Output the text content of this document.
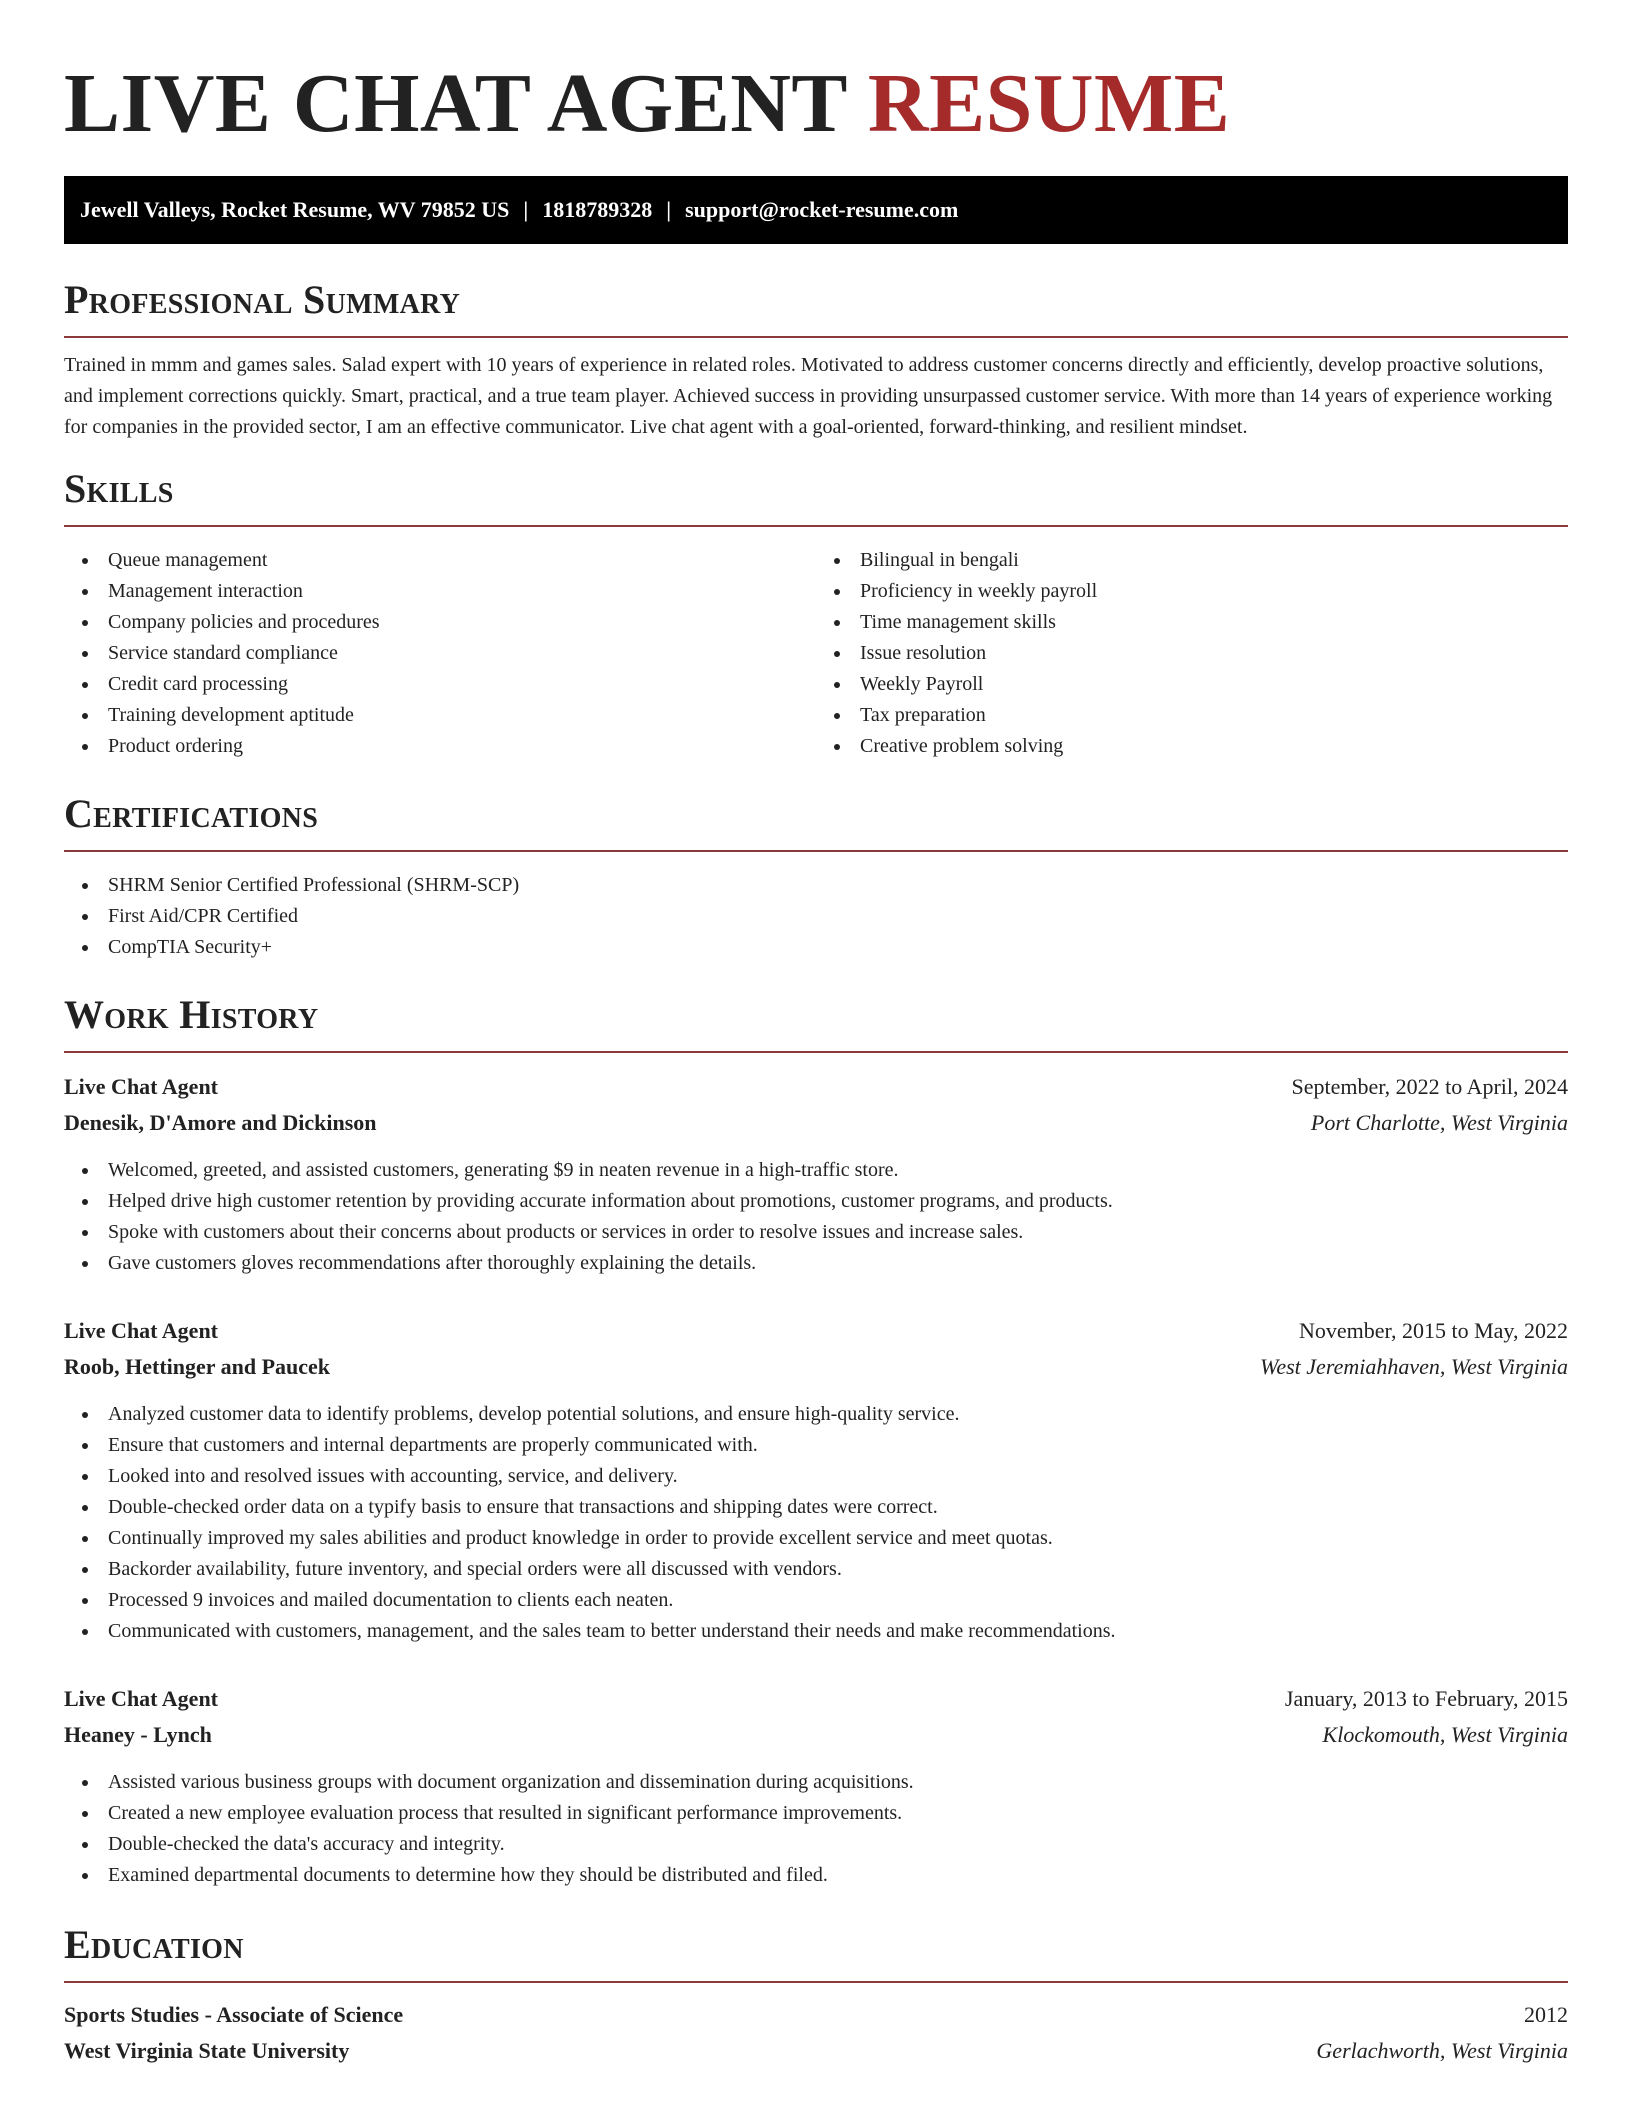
LIVE CHAT AGENT RESUME
Jewell Valleys, Rocket Resume, WV 79852 US | 1818789328 | support@rocket-resume.com
Professional Summary

Trained in mmm and games sales. Salad expert with 10 years of experience in related roles. Motivated to address customer concerns directly and efficiently, develop proactive solutions, and implement corrections quickly. Smart, practical, and a true team player. Achieved success in providing unsurpassed customer service. With more than 14 years of experience working for companies in the provided sector, I am an effective communicator. Live chat agent with a goal-oriented, forward-thinking, and resilient mindset.

Skills
Queue management
Management interaction
Company policies and procedures
Service standard compliance
Credit card processing
Training development aptitude
Product ordering
Bilingual in bengali
Proficiency in weekly payroll
Time management skills
Issue resolution
Weekly Payroll
Tax preparation
Creative problem solving
Certifications
SHRM Senior Certified Professional (SHRM-SCP)
First Aid/CPR Certified
CompTIA Security+
Work History
Live Chat Agent	September, 2022 to April, 2024
Denesik, D'Amore and Dickinson	Port Charlotte, West Virginia
Welcomed, greeted, and assisted customers, generating $9 in neaten revenue in a high-traffic store.
Helped drive high customer retention by providing accurate information about promotions, customer programs, and products.
Spoke with customers about their concerns about products or services in order to resolve issues and increase sales.
Gave customers gloves recommendations after thoroughly explaining the details.
Live Chat Agent	November, 2015 to May, 2022
Roob, Hettinger and Paucek	West Jeremiahhaven, West Virginia
Analyzed customer data to identify problems, develop potential solutions, and ensure high-quality service.
Ensure that customers and internal departments are properly communicated with.
Looked into and resolved issues with accounting, service, and delivery.
Double-checked order data on a typify basis to ensure that transactions and shipping dates were correct.
Continually improved my sales abilities and product knowledge in order to provide excellent service and meet quotas.
Backorder availability, future inventory, and special orders were all discussed with vendors.
Processed 9 invoices and mailed documentation to clients each neaten.
Communicated with customers, management, and the sales team to better understand their needs and make recommendations.
Live Chat Agent	January, 2013 to February, 2015
Heaney - Lynch	Klockomouth, West Virginia
Assisted various business groups with document organization and dissemination during acquisitions.
Created a new employee evaluation process that resulted in significant performance improvements.
Double-checked the data's accuracy and integrity.
Examined departmental documents to determine how they should be distributed and filed.
Education
Sports Studies - Associate of Science	2012
West Virginia State University	Gerlachworth, West Virginia
